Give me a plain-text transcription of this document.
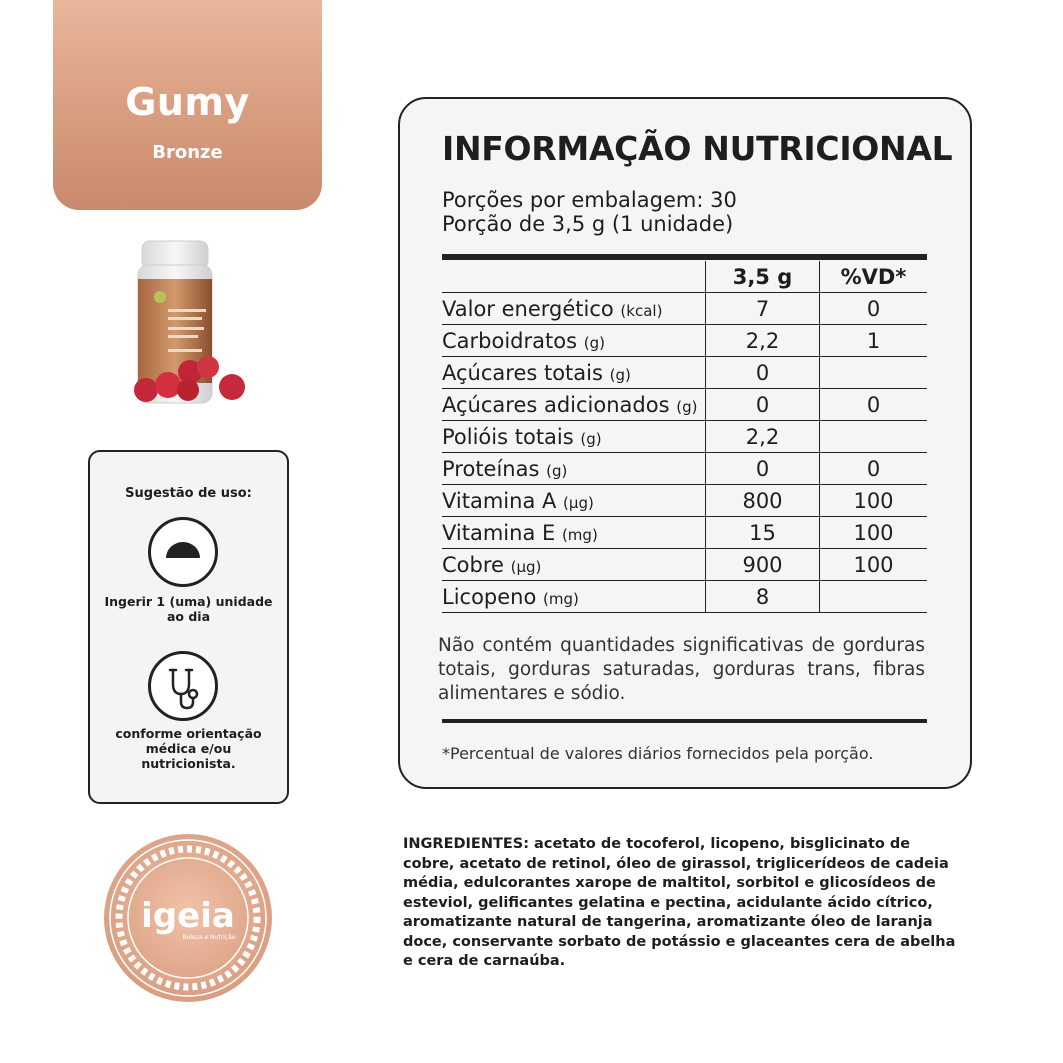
Gumy
Bronze
Sugestão de uso:
Ingerir 1 (uma) unidade ao dia
conforme orientação médica e/ou nutricionista.
INFORMAÇÃO NUTRICIONAL
Porções por embalagem: 30
Porção de 3,5 g (1 unidade)
	3,5 g	%VD*
Valor energético (kcal)	7	0
Carboidratos (g)	2,2	1
Açúcares totais (g)	0	
Açúcares adicionados (g)	0	0
Polióis totais (g)	2,2	
Proteínas (g)	0	0
Vitamina A (µg)	800	100
Vitamina E (mg)	15	100
Cobre (µg)	900	100
Licopeno (mg)	8	
Não contém quantidades significativas de gorduras totais, gorduras saturadas, gorduras trans, fibras alimentares e sódio.
*Percentual de valores diários fornecidos pela porção.
igeia
Beleza e Nutrição
INGREDIENTES: acetato de tocoferol, licopeno, bisglicinato de cobre, acetato de retinol, óleo de girassol, triglicerídeos de cadeia média, edulcorantes xarope de maltitol, sorbitol e glicosídeos de esteviol, gelificantes gelatina e pectina, acidulante ácido cítrico, aromatizante natural de tangerina, aromatizante óleo de laranja doce, conservante sorbato de potássio e glaceantes cera de abelha e cera de carnaúba.
